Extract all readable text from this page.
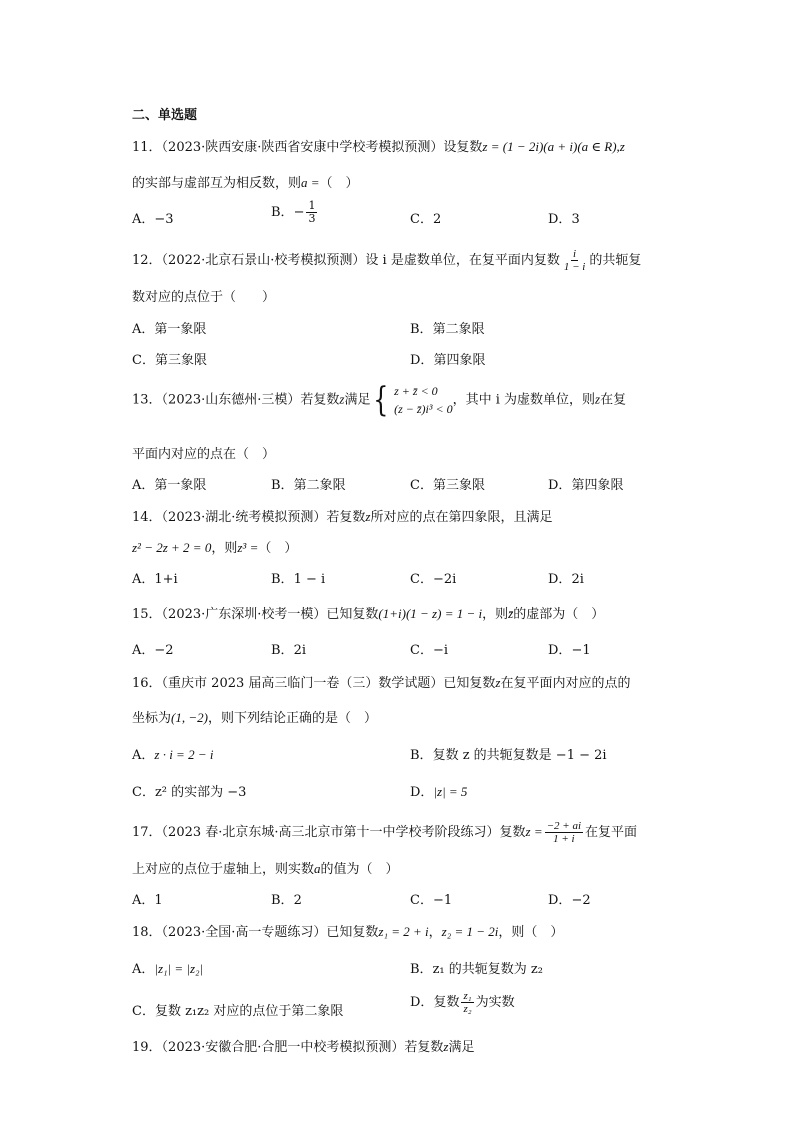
二、单选题
11．（2023·陕西安康·陕西省安康中学校考模拟预测）设复数z = (1 − 2i)(a + i)(a ∈ R),z
的实部与虚部互为相反数，则a =（　）
A．−3	B．− $\frac{1}{3}$	C．2	D．3
12．（2022·北京石景山·校考模拟预测）设 i 是虚数单位，在复平面内复数 $\frac{i}{1 - i}$ 的共轭复
数对应的点位于（　　）
A．第一象限	B．第二象限
C．第三象限	D．第四象限
13．（2023·山东德州·三模）若复数z满足{ z + z̄ < 0
(z − z̄)i³ < 0
，其中 i 为虚数单位，则z在复
平面内对应的点在（　）
A．第一象限	B．第二象限	C．第三象限	D．第四象限
14．（2023·湖北·统考模拟预测）若复数z所对应的点在第四象限，且满足
z² − 2z + 2 = 0，则z³ =（　）
A．1+i	B．1 − i	C．−2i	D．2i
15．（2023·广东深圳·校考一模）已知复数(1+i)(1 − z) = 1 − i，则z̄的虚部为（　）
A．−2	B．2i	C．−i	D．−1
16．（重庆市 2023 届高三临门一卷（三）数学试题）已知复数z在复平面内对应的点的
坐标为(1, −2)，则下列结论正确的是（　）
A．z · i = 2 − i	B．复数 z 的共轭复数是 −1 − 2i
C．z² 的实部为 −3	D．|z| = 5
17．（2023 春·北京东城·高三北京市第十一中学校考阶段练习）复数$z = \frac{-2 + ai}{1 + i}$ 在复平面
上对应的点位于虚轴上，则实数a的值为（　）
A．1	B．2	C．−1	D．−2
18．（2023·全国·高一专题练习）已知复数z₁ = 2 + i，z₂ = 1 − 2i，则（　）
A．|z₁| = |z₂|	B．z₁ 的共轭复数为 z₂
C．复数 z₁z₂ 对应的点位于第二象限
D．复数 $\frac{\text{z₁}}{\text{z₂}}$ 为实数
19．（2023·安徽合肥·合肥一中校考模拟预测）若复数z满足
